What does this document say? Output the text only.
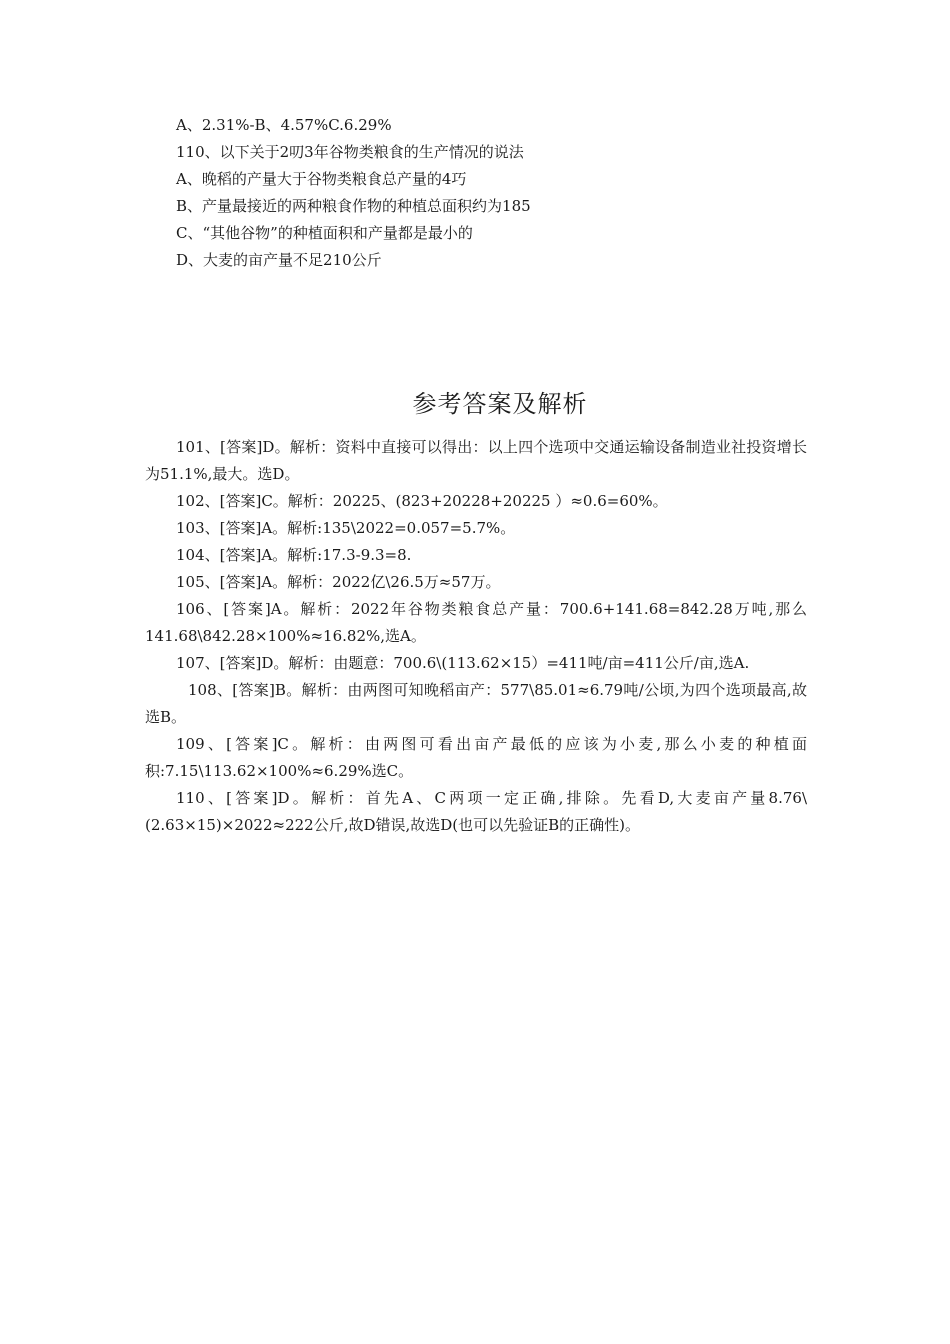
A、2.31%-B、4.57%C.6.29%
110、以下关于2叨3年谷物类粮食的生产情况的说法
A、晚稻的产量大于谷物类粮食总产量的4巧
B、产量最接近的两种粮食作物的种植总面积约为185
C、“其他谷物”的种植面积和产量都是最小的
D、大麦的亩产量不足210公斤
参考答案及解析

101、[答案]D。解析：资料中直接可以得出：以上四个选项中交通运输设备制造业社投资增长为51.1%,最大。选D。

102、[答案]C。解析：20225、(823+20228+20225 ）≈0.6=60%。

103、[答案]A。解析:135\2022=0.057=5.7%。

104、[答案]A。解析:17.3-9.3=8.

105、[答案]A。解析：2022亿\26.5万≈57万。

106、[答案]A。解析：2022年谷物类粮食总产量：700.6+141.68=842.28万吨,那么141.68\842.28×100%≈16.82%,选A。

107、[答案]D。解析：由题意：700.6\(113.62×15）=411吨/亩=411公斤/亩,选A.

108、[答案]B。解析：由两图可知晚稻亩产：577\85.01≈6.79吨/公顷,为四个选项最高,故选B。

109、[答案]C。解析：由两图可看出亩产最低的应该为小麦,那么小麦的种植面积:7.15\113.62×100%≈6.29%选C。

110、[答案]D。解析：首先A、C两项一定正确,排除。先看D,大麦亩产量8.76\(2.63×15)×2022≈222公斤,故D错误,故选D(也可以先验证B的正确性)。
